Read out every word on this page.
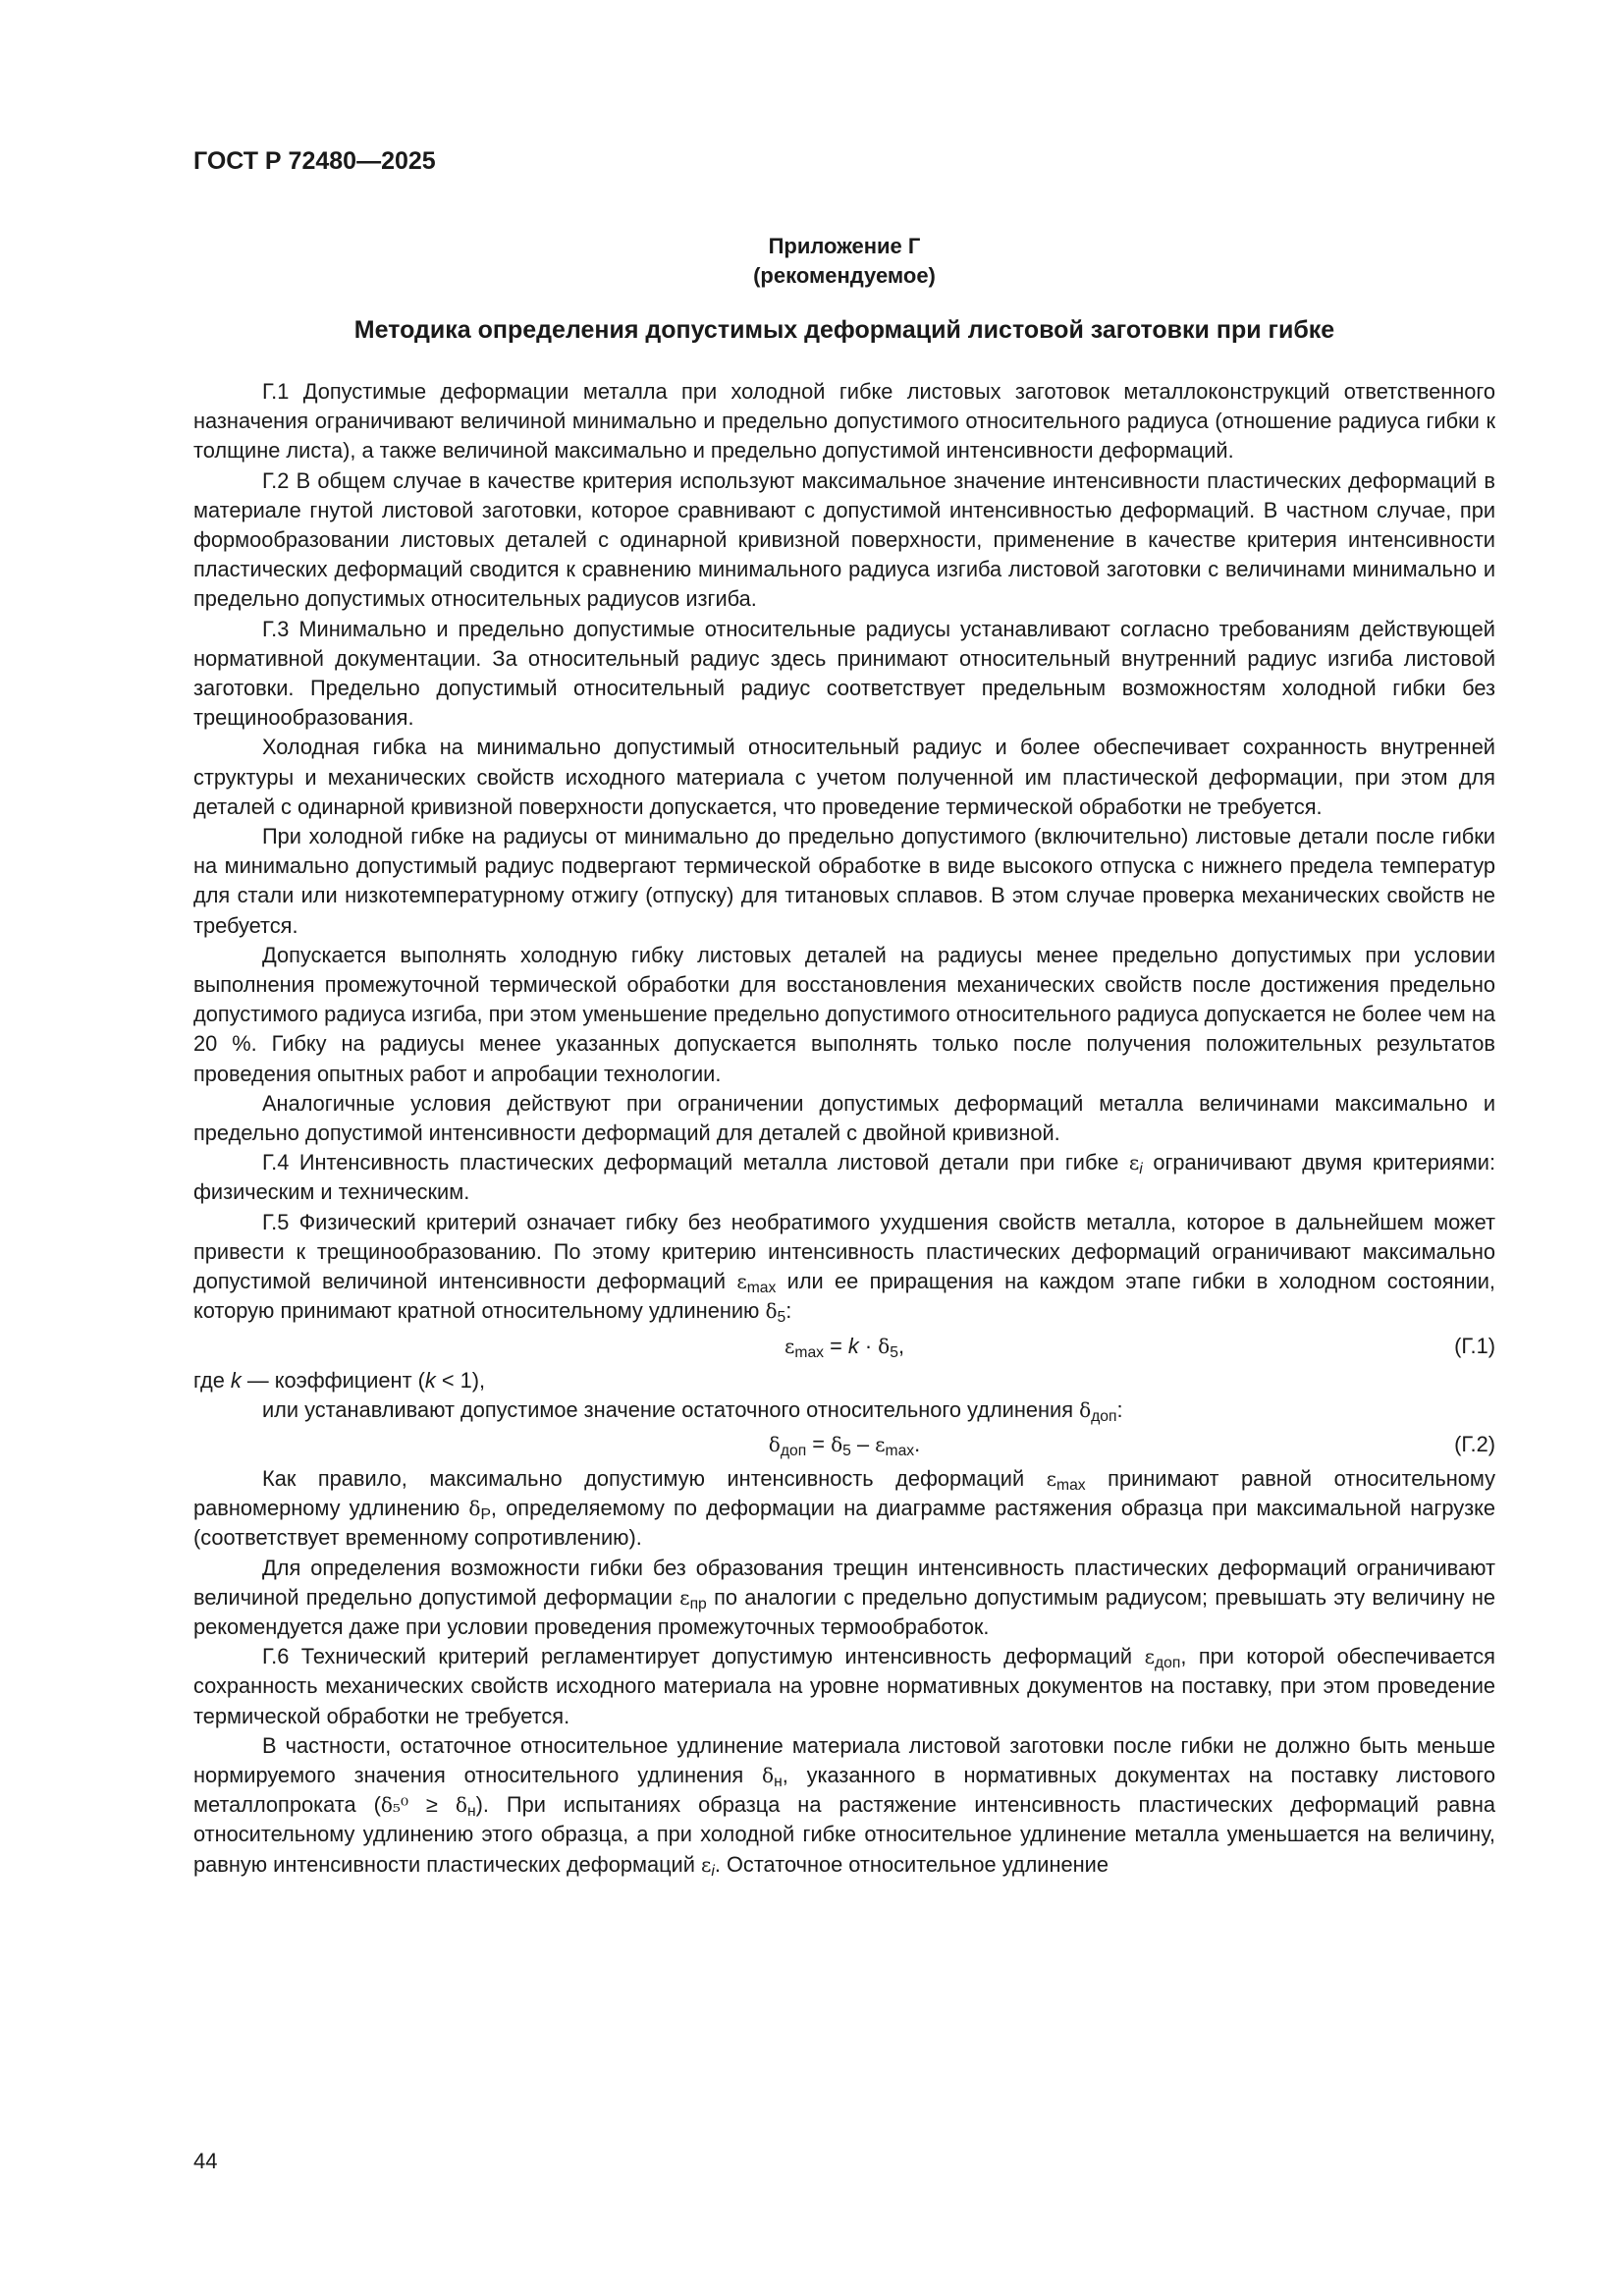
ГОСТ Р 72480—2025
Приложение Г
(рекомендуемое)
Методика определения допустимых деформаций листовой заготовки при гибке

Г.1 Допустимые деформации металла при холодной гибке листовых заготовок металлоконструкций ответственного назначения ограничивают величиной минимально и предельно допустимого относительного радиуса (отношение радиуса гибки к толщине листа), а также величиной максимально и предельно допустимой интенсивности деформаций.

Г.2 В общем случае в качестве критерия используют максимальное значение интенсивности пластических деформаций в материале гнутой листовой заготовки, которое сравнивают с допустимой интенсивностью деформаций. В частном случае, при формообразовании листовых деталей с одинарной кривизной поверхности, применение в качестве критерия интенсивности пластических деформаций сводится к сравнению минимального радиуса изгиба листовой заготовки с величинами минимально и предельно допустимых относительных радиусов изгиба.

Г.3 Минимально и предельно допустимые относительные радиусы устанавливают согласно требованиям действующей нормативной документации. За относительный радиус здесь принимают относительный внутренний радиус изгиба листовой заготовки. Предельно допустимый относительный радиус соответствует предельным возможностям холодной гибки без трещинообразования.

Холодная гибка на минимально допустимый относительный радиус и более обеспечивает сохранность внутренней структуры и механических свойств исходного материала с учетом полученной им пластической деформации, при этом для деталей с одинарной кривизной поверхности допускается, что проведение термической обработки не требуется.

При холодной гибке на радиусы от минимально до предельно допустимого (включительно) листовые детали после гибки на минимально допустимый радиус подвергают термической обработке в виде высокого отпуска с нижнего предела температур для стали или низкотемпературному отжигу (отпуску) для титановых сплавов. В этом случае проверка механических свойств не требуется.

Допускается выполнять холодную гибку листовых деталей на радиусы менее предельно допустимых при условии выполнения промежуточной термической обработки для восстановления механических свойств после достижения предельно допустимого радиуса изгиба, при этом уменьшение предельно допустимого относительного радиуса допускается не более чем на 20 %. Гибку на радиусы менее указанных допускается выполнять только после получения положительных результатов проведения опытных работ и апробации технологии.

Аналогичные условия действуют при ограничении допустимых деформаций металла величинами максимально и предельно допустимой интенсивности деформаций для деталей с двойной кривизной.

Г.4 Интенсивность пластических деформаций металла листовой детали при гибке $\varepsilon_i$ ограничивают двумя критериями: физическим и техническим.

Г.5 Физический критерий означает гибку без необратимого ухудшения свойств металла, которое в дальнейшем может привести к трещинообразованию. По этому критерию интенсивность пластических деформаций ограничивают максимально допустимой величиной интенсивности деформаций $\varepsilon_{max}$ или ее приращения на каждом этапе гибки в холодном состоянии, которую принимают кратной относительному удлинению $\delta_5$:

$\varepsilon_{max} = k \cdot \delta_5$,	(Г.1)

где k — коэффициент (k < 1),

или устанавливают допустимое значение остаточного относительного удлинения $\delta_{доп}$:

$\delta_{доп} = \delta_5 - \varepsilon_{max}$.	(Г.2)

Как правило, максимально допустимую интенсивность деформаций $\varepsilon_{max}$ принимают равной относительному равномерному удлинению $\delta_Р$, определяемому по деформации на диаграмме растяжения образца при максимальной нагрузке (соответствует временному сопротивлению).

Для определения возможности гибки без образования трещин интенсивность пластических деформаций ограничивают величиной предельно допустимой деформации $\varepsilon_{пр}$ по аналогии с предельно допустимым радиусом; превышать эту величину не рекомендуется даже при условии проведения промежуточных термообработок.

Г.6 Технический критерий регламентирует допустимую интенсивность деформаций $\varepsilon_{доп}$, при которой обеспечивается сохранность механических свойств исходного материала на уровне нормативных документов на поставку, при этом проведение термической обработки не требуется.

В частности, остаточное относительное удлинение материала листовой заготовки после гибки не должно быть меньше нормируемого значения относительного удлинения $\delta_н$, указанного в нормативных документах на поставку листового металлопроката $(\delta_5^0 \ge \delta_н)$. При испытаниях образца на растяжение интенсивность пластических деформаций равна относительному удлинению этого образца, а при холодной гибке относительное удлинение металла уменьшается на величину, равную интенсивности пластических деформаций $\varepsilon_i$. Остаточное относительное удлинение

44
